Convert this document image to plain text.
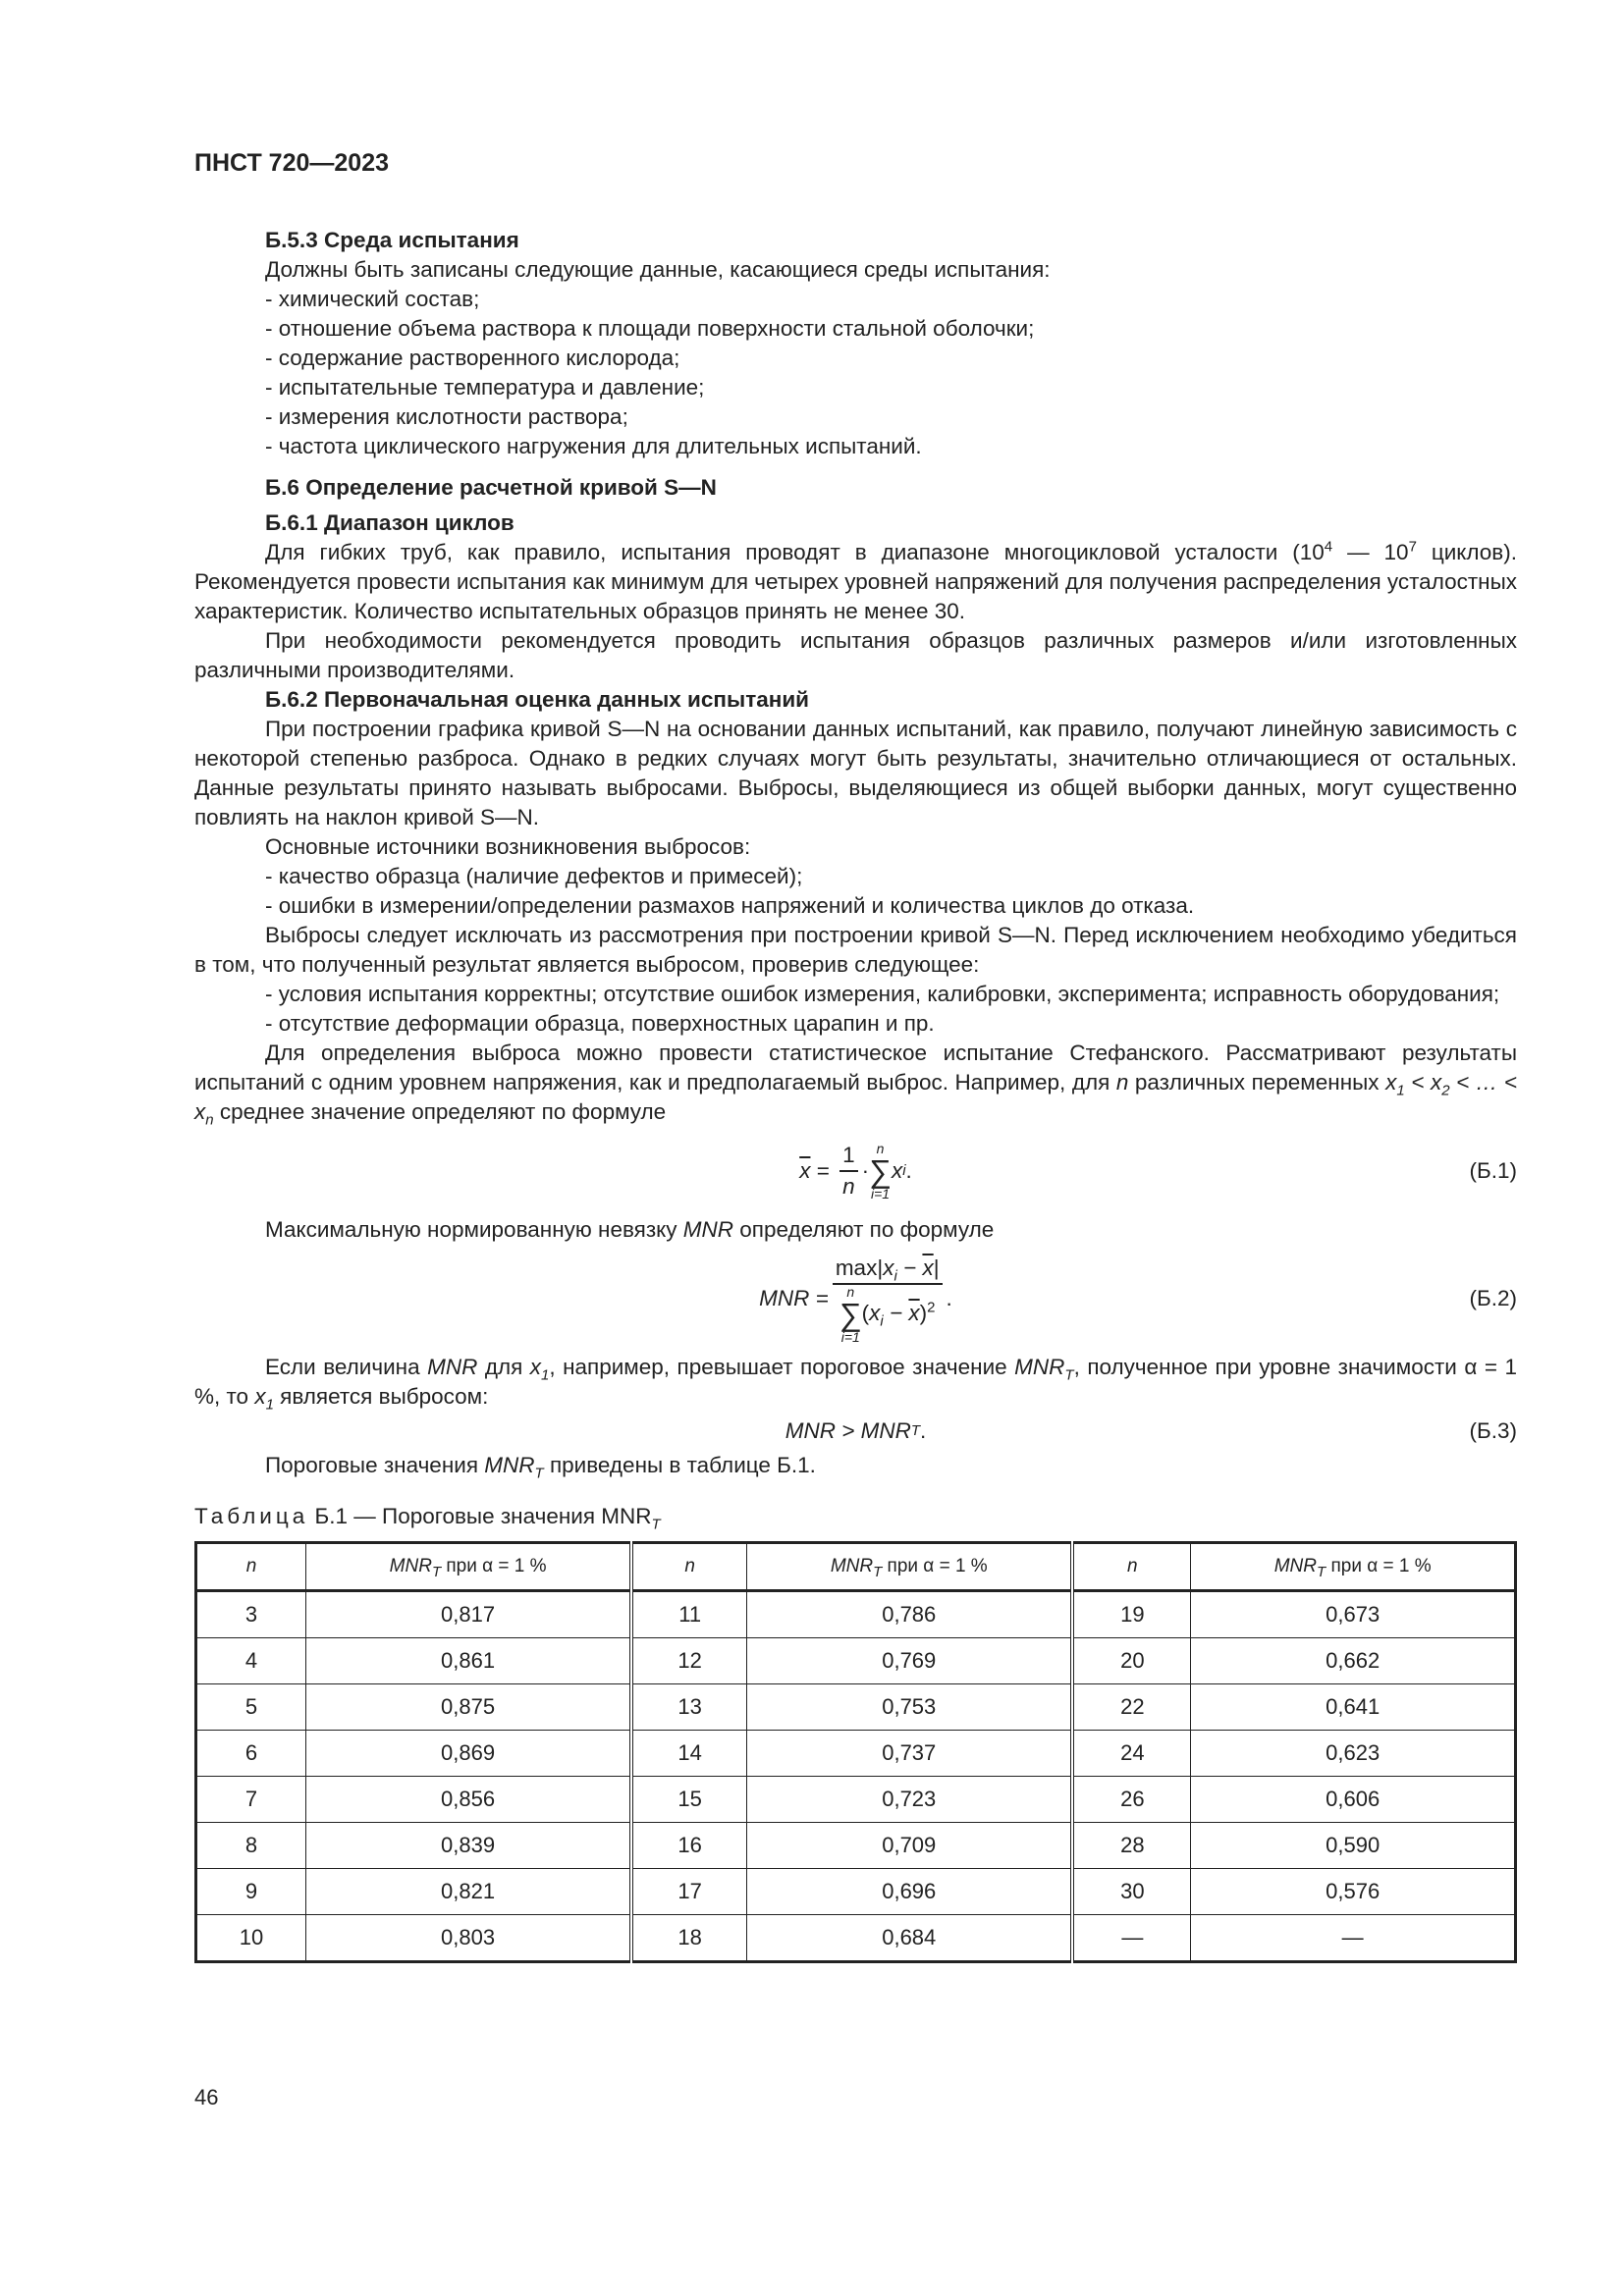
ПНСТ 720—2023

Б.5.3 Среда испытания

Должны быть записаны следующие данные, касающиеся среды испытания:

- химический состав;

- отношение объема раствора к площади поверхности стальной оболочки;

- содержание растворенного кислорода;

- испытательные температура и давление;

- измерения кислотности раствора;

- частота циклического нагружения для длительных испытаний.

Б.6 Определение расчетной кривой S—N

Б.6.1 Диапазон циклов

Для гибких труб, как правило, испытания проводят в диапазоне многоцикловой усталости ($10^4$ — $10^7$ циклов). Рекомендуется провести испытания как минимум для четырех уровней напряжений для получения распределения усталостных характеристик. Количество испытательных образцов принять не менее 30.

При необходимости рекомендуется проводить испытания образцов различных размеров и/или изготовленных различными производителями.

Б.6.2 Первоначальная оценка данных испытаний

При построении графика кривой S—N на основании данных испытаний, как правило, получают линейную зависимость с некоторой степенью разброса. Однако в редких случаях могут быть результаты, значительно отличающиеся от остальных. Данные результаты принято называть выбросами. Выбросы, выделяющиеся из общей выборки данных, могут существенно повлиять на наклон кривой S—N.

Основные источники возникновения выбросов:

- качество образца (наличие дефектов и примесей);

- ошибки в измерении/определении размахов напряжений и количества циклов до отказа.

Выбросы следует исключать из рассмотрения при построении кривой S—N. Перед исключением необходимо убедиться в том, что полученный результат является выбросом, проверив следующее:

- условия испытания корректны; отсутствие ошибок измерения, калибровки, эксперимента; исправность оборудования;

- отсутствие деформации образца, поверхностных царапин и пр.

Для определения выброса можно провести статистическое испытание Стефанского. Рассматривают результаты испытаний с одним уровнем напряжения, как и предполагаемый выброс. Например, для n различных переменных $x_1 < x_2$ < … < $x_n$ среднее значение определяют по формуле

$\overline{x} = \frac{1}{n}$ ·
n
∑
i=1
x i .	(Б.1)

Максимальную нормированную невязку MNR определяют по формуле

MNR = $\max|x_i - \overline{x}|$
n
∑
i=1
$(x_i - \overline{x})^2$ .	(Б.2)

Если величина MNR для $x_1$, например, превышает пороговое значение $MNR_T$, полученное при уровне значимости α = 1 %, то $x_1$ является выбросом:

MNR > MNR T .	(Б.3)

Пороговые значения $MNR_T$ приведены в таблице Б.1.

Таблица Б.1 — Пороговые значения $MNR_T$

n	$MNR_T$ при α = 1 %	n	$MNR_T$ при α = 1 %	n	$MNR_T$ при α = 1 %
3	0,817	11	0,786	19	0,673
4	0,861	12	0,769	20	0,662
5	0,875	13	0,753	22	0,641
6	0,869	14	0,737	24	0,623
7	0,856	15	0,723	26	0,606
8	0,839	16	0,709	28	0,590
9	0,821	17	0,696	30	0,576
10	0,803	18	0,684	—	—
46
